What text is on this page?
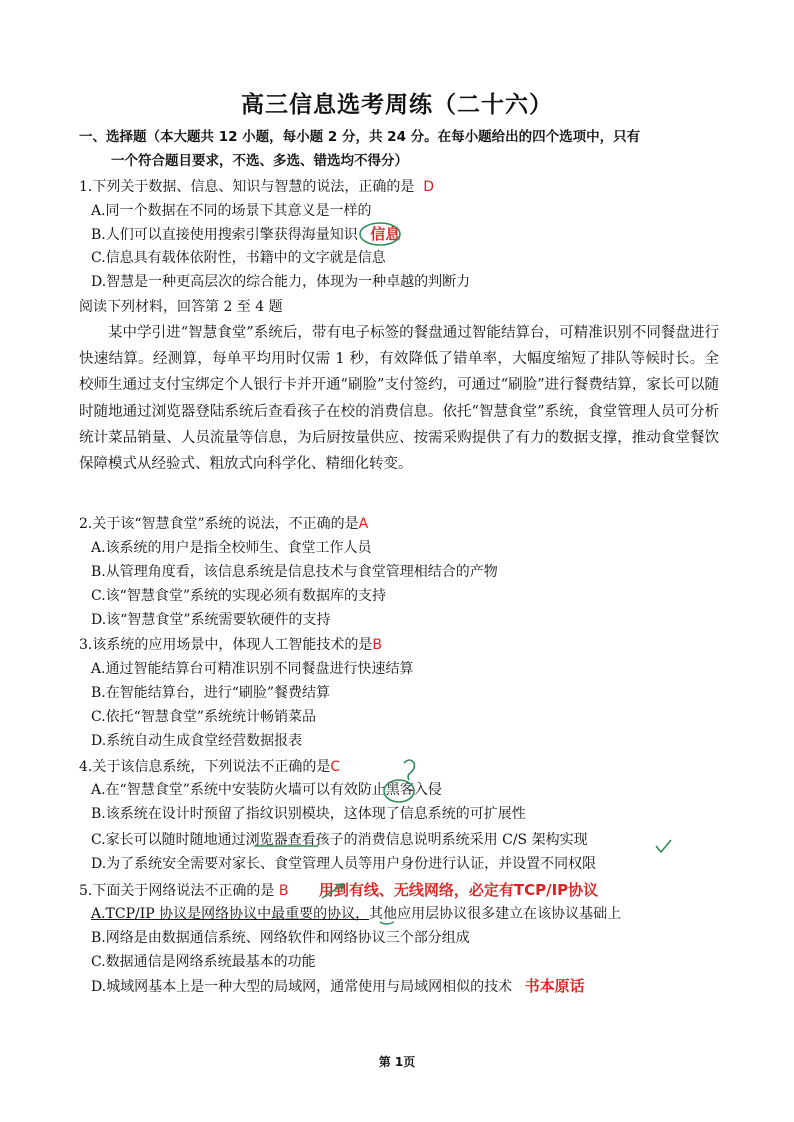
高三信息选考周练（二十六）
一、选择题（本大题共 12 小题，每小题 2 分，共 24 分。在每小题给出的四个选项中，只有
一个符合题目要求，不选、多选、错选均不得分）
1.下列关于数据、信息、知识与智慧的说法，正确的是 D
A.同一个数据在不同的场景下其意义是一样的
B.人们可以直接使用搜索引擎获得海量知识 信息
C.信息具有载体依附性，书籍中的文字就是信息
D.智慧是一种更高层次的综合能力，体现为一种卓越的判断力
阅读下列材料，回答第 2 至 4 题
某中学引进“智慧食堂”系统后，带有电子标签的餐盘通过智能结算台，可精准识别不同餐盘进行快速结算。经测算，每单平均用时仅需 1 秒，有效降低了错单率，大幅度缩短了排队等候时长。全校师生通过支付宝绑定个人银行卡并开通“刷脸”支付签约，可通过“刷脸”进行餐费结算，家长可以随时随地通过浏览器登陆系统后查看孩子在校的消费信息。依托“智慧食堂”系统，食堂管理人员可分析统计菜品销量、人员流量等信息，为后厨按量供应、按需采购提供了有力的数据支撑，推动食堂餐饮保障模式从经验式、粗放式向科学化、精细化转变。
2.关于该“智慧食堂”系统的说法，不正确的是A
A.该系统的用户是指全校师生、食堂工作人员
B.从管理角度看，该信息系统是信息技术与食堂管理相结合的产物
C.该“智慧食堂”系统的实现必须有数据库的支持
D.该“智慧食堂”系统需要软硬件的支持
3.该系统的应用场景中，体现人工智能技术的是B
A.通过智能结算台可精准识别不同餐盘进行快速结算
B.在智能结算台，进行“刷脸”餐费结算
C.依托“智慧食堂”系统统计畅销菜品
D.系统自动生成食堂经营数据报表
4.关于该信息系统，下列说法不正确的是C
A.在“智慧食堂”系统中安装防火墙可以有效防止黑客入侵
B.该系统在设计时预留了指纹识别模块，这体现了信息系统的可扩展性
C.家长可以随时随地通过浏览器查看孩子的消费信息说明系统采用 C/S 架构实现
D.为了系统安全需要对家长、食堂管理人员等用户身份进行认证，并设置不同权限
5.下面关于网络说法不正确的是 B 用到有线、无线网络，必定有TCP/IP协议
A.TCP/IP 协议是网络协议中最重要的协议，其他应用层协议很多建立在该协议基础上
B.网络是由数据通信系统、网络软件和网络协议三个部分组成
C.数据通信是网络系统最基本的功能
D.城域网基本上是一种大型的局域网，通常使用与局域网相似的技术 书本原话
第 1页
